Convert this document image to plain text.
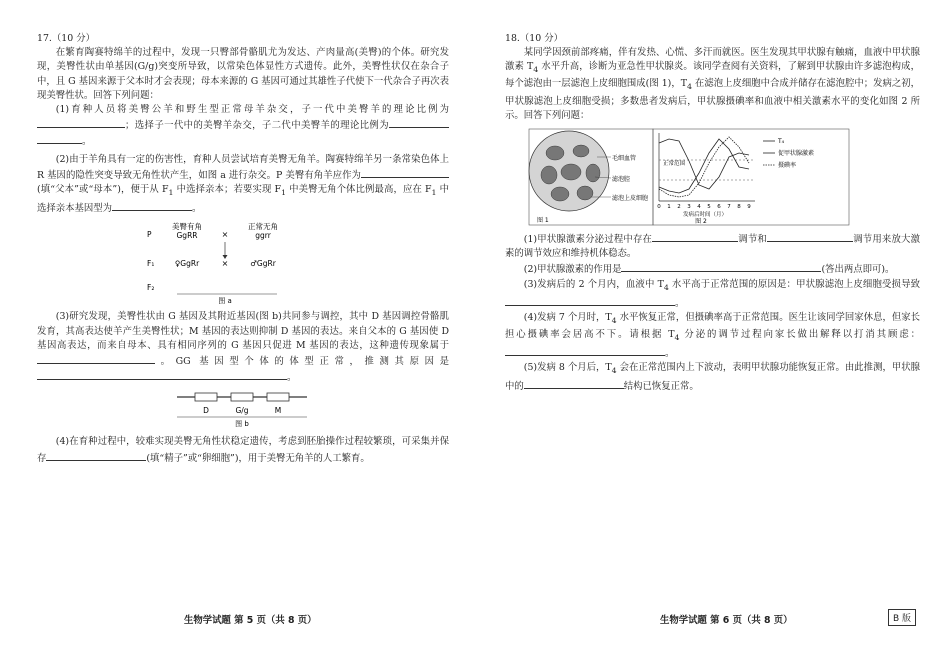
17.（10 分）

在繁育陶赛特绵羊的过程中，发现一只臀部骨骼肌尤为发达、产肉量高(美臀)的个体。研究发现，美臀性状由单基因(G/g)突变所导致，以常染色体显性方式遗传。此外，美臀性状仅在杂合子中，且 G 基因来源于父本时才会表现；母本来源的 G 基因可通过其雄性子代使下一代杂合子再次表现美臀性状。回答下列问题：

(1)育种人员将美臀公羊和野生型正常母羊杂交，子一代中美臀羊的理论比例为；选择子一代中的美臀羊杂交，子二代中美臀羊的理论比例为。

(2)由于羊角具有一定的伤害性，育种人员尝试培育美臀无角羊。陶赛特绵羊另一条常染色体上 R 基因的隐性突变导致无角性状产生，如图 a 进行杂交。P 美臀有角羊应作为(填“父本”或“母本”)，便于从 $F_1$ 中选择亲本；若要实现 $F_1$ 中美臀无角个体比例最高，应在 $F_1$ 中选择亲本基因型为	。

美臀有角
GgRR
正常无角
ggrr
P	×
F₁	♀GgRr	×	♂GgRr
F₂
图 a

(3)研究发现，美臀性状由 G 基因及其附近基因(图 b)共同参与调控，其中 D 基因调控骨骼肌发育，其高表达使羊产生美臀性状；M 基因的表达则抑制 D 基因的表达。来自父本的 G 基因使 D 基因高表达，而来自母本、具有相同序列的 G 基因只促进 M 基因的表达，这种遗传现象属于。GG 基因型个体的体型正常，推测其原因是。

D	G/g	M
图 b

(4)在育种过程中，较难实现美臀无角性状稳定遗传，考虑到胚胎操作过程较繁琐，可采集并保存	(填“精子”或“卵细胞”)，用于美臀无角羊的人工繁育。

生物学试题 第 5 页（共 8 页）

18.（10 分）

某同学因颈前部疼痛，伴有发热、心慌、多汗而就医。医生发现其甲状腺有触痛，血液中甲状腺激素 $T_4$ 水平升高，诊断为亚急性甲状腺炎。该同学查阅有关资料，了解到甲状腺由许多滤泡构成，每个滤泡由一层滤泡上皮细胞围成(图 1)，$T_4$ 在滤泡上皮细胞中合成并储存在滤泡腔中；发病之初，甲状腺滤泡上皮细胞受损；多数患者发病后，甲状腺摄碘率和血液中相关激素水平的变化如图 2 所示。回答下列问题：

毛细血管
滤泡腔
滤泡上皮细胞
图 1
正常范围
0 1 2 3 4 5 6 7 8 9
发病后时间（月）
图 2
T₄
促甲状腺激素
摄碘率

(1)甲状腺激素分泌过程中存在	调节和	调节用来放大激素的调节效应和维持机体稳态。

(2)甲状腺激素的作用是	(答出两点即可)。

(3)发病后的 2 个月内，血液中 $T_4$ 水平高于正常范围的原因是：甲状腺滤泡上皮细胞受损导致。

(4)发病 7 个月时，$T_4$ 水平恢复正常，但摄碘率高于正常范围。医生让该同学回家休息，但家长担心摄碘率会居高不下。请根据 $T_4$ 分泌的调节过程向家长做出解释以打消其顾虑：。

(5)发病 8 个月后，$T_4$ 会在正常范围内上下波动，表明甲状腺功能恢复正常。由此推测，甲状腺中的	结构已恢复正常。

生物学试题 第 6 页（共 8 页）	B 版
